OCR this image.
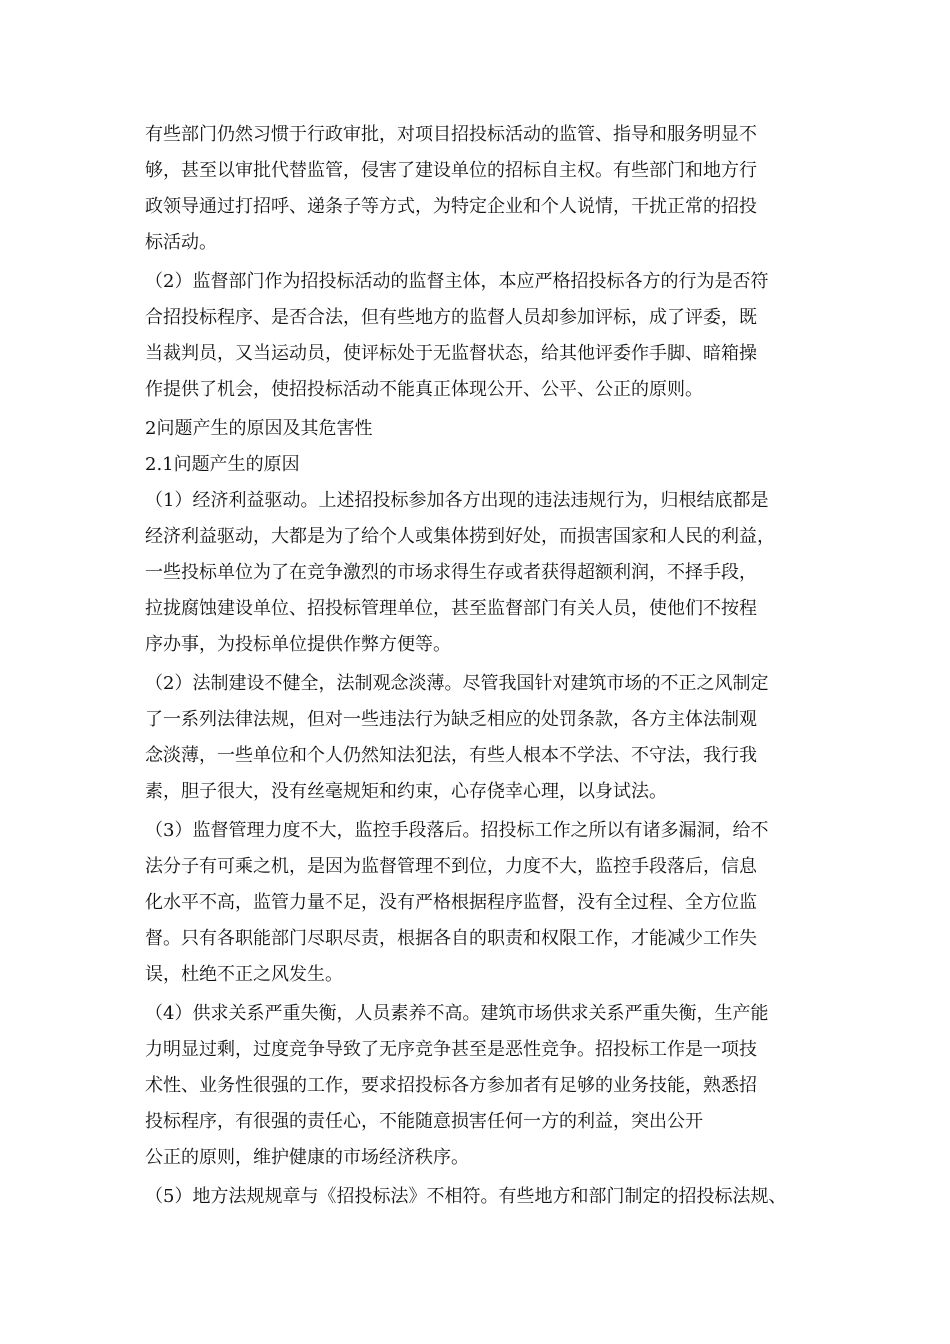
有些部门仍然习惯于行政审批，对项目招投标活动的监管、指导和服务明显不
够，甚至以审批代替监管，侵害了建设单位的招标自主权。有些部门和地方行
政领导通过打招呼、递条子等方式，为特定企业和个人说情，干扰正常的招投
标活动。
（2）监督部门作为招投标活动的监督主体，本应严格招投标各方的行为是否符
合招投标程序、是否合法，但有些地方的监督人员却参加评标，成了评委，既
当裁判员，又当运动员，使评标处于无监督状态，给其他评委作手脚、暗箱操
作提供了机会，使招投标活动不能真正体现公开、公平、公正的原则。
2问题产生的原因及其危害性
2.1问题产生的原因
（1）经济利益驱动。上述招投标参加各方出现的违法违规行为，归根结底都是
经济利益驱动，大都是为了给个人或集体捞到好处，而损害国家和人民的利益，
一些投标单位为了在竞争激烈的市场求得生存或者获得超额利润，不择手段，
拉拢腐蚀建设单位、招投标管理单位，甚至监督部门有关人员，使他们不按程
序办事，为投标单位提供作弊方便等。
（2）法制建设不健全，法制观念淡薄。尽管我国针对建筑市场的不正之风制定
了一系列法律法规，但对一些违法行为缺乏相应的处罚条款，各方主体法制观
念淡薄，一些单位和个人仍然知法犯法，有些人根本不学法、不守法，我行我
素，胆子很大，没有丝毫规矩和约束，心存侥幸心理，以身试法。
（3）监督管理力度不大，监控手段落后。招投标工作之所以有诸多漏洞，给不
法分子有可乘之机，是因为监督管理不到位，力度不大，监控手段落后，信息
化水平不高，监管力量不足，没有严格根据程序监督，没有全过程、全方位监
督。只有各职能部门尽职尽责，根据各自的职责和权限工作，才能减少工作失
误，杜绝不正之风发生。
（4）供求关系严重失衡，人员素养不高。建筑市场供求关系严重失衡，生产能
力明显过剩，过度竞争导致了无序竞争甚至是恶性竞争。招投标工作是一项技
术性、业务性很强的工作，要求招投标各方参加者有足够的业务技能，熟悉招
投标程序，有很强的责任心，不能随意损害任何一方的利益，突出公开
公正的原则，维护健康的市场经济秩序。
（5）地方法规规章与《招投标法》不相符。有些地方和部门制定的招投标法规、
